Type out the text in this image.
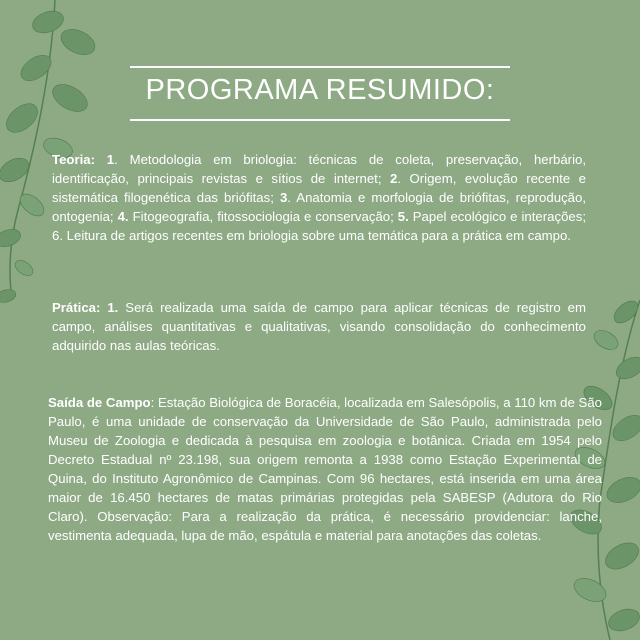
PROGRAMA RESUMIDO:

Teoria: 1. Metodologia em briologia: técnicas de coleta, preservação, herbário, identificação, principais revistas e sítios de internet; 2. Origem, evolução recente e sistemática filogenética das briófitas; 3. Anatomia e morfologia de briófitas, reprodução, ontogenia; 4. Fitogeografia, fitossociologia e conservação; 5. Papel ecológico e interações; 6. Leitura de artigos recentes em briologia sobre uma temática para a prática em campo.

Prática: 1. Será realizada uma saída de campo para aplicar técnicas de registro em campo, análises quantitativas e qualitativas, visando consolidação do conhecimento adquirido nas aulas teóricas.

Saída de Campo: Estação Biológica de Boracéia, localizada em Salesópolis, a 110 km de São Paulo, é uma unidade de conservação da Universidade de São Paulo, administrada pelo Museu de Zoologia e dedicada à pesquisa em zoologia e botânica. Criada em 1954 pelo Decreto Estadual nº 23.198, sua origem remonta a 1938 como Estação Experimental de Quina, do Instituto Agronômico de Campinas. Com 96 hectares, está inserida em uma área maior de 16.450 hectares de matas primárias protegidas pela SABESP (Adutora do Rio Claro). Observação: Para a realização da prática, é necessário providenciar: lanche, vestimenta adequada, lupa de mão, espátula e material para anotações das coletas.
